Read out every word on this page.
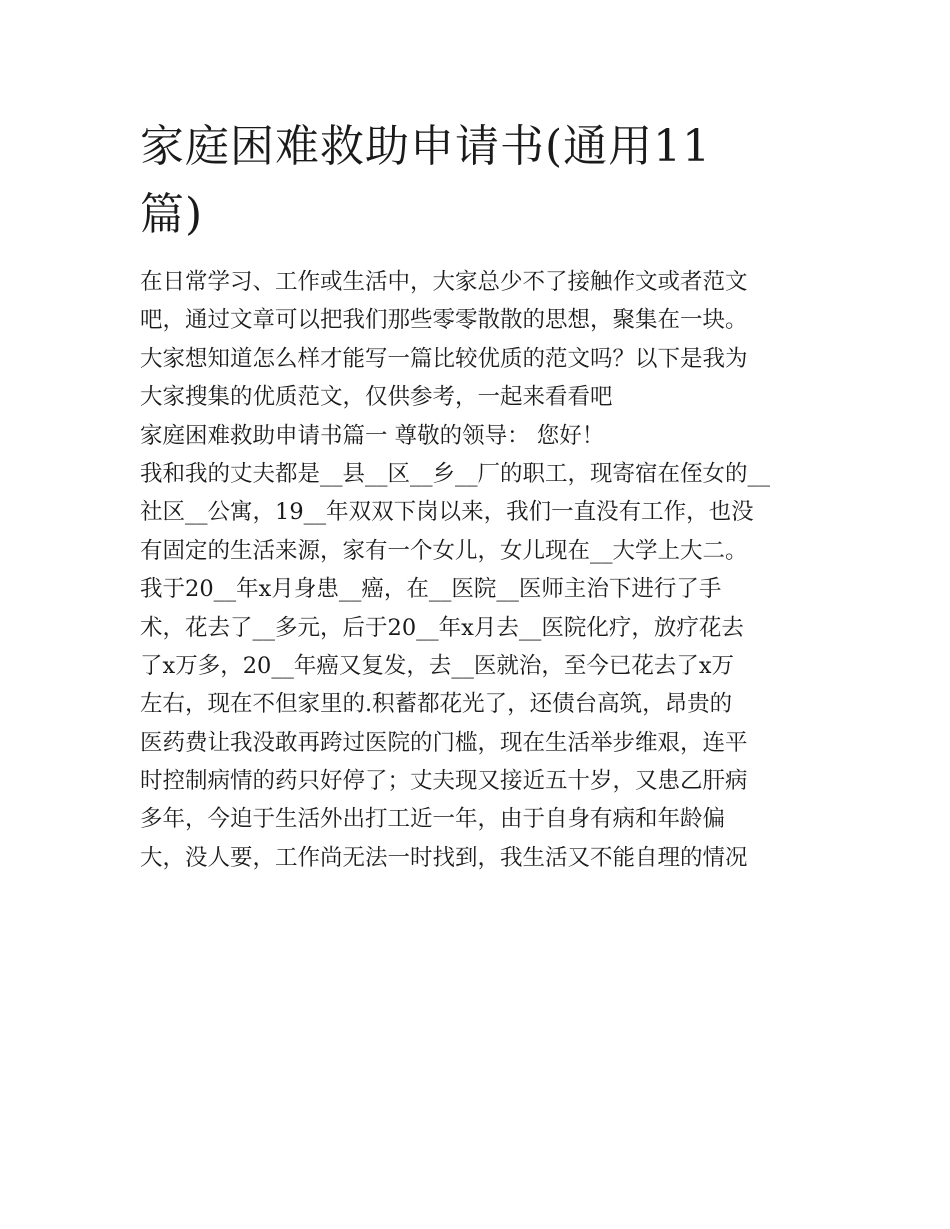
家庭困难救助申请书(通用11
篇)
在日常学习、工作或生活中，大家总少不了接触作文或者范文
吧，通过文章可以把我们那些零零散散的思想，聚集在一块。
大家想知道怎么样才能写一篇比较优质的范文吗？以下是我为
大家搜集的优质范文，仅供参考，一起来看看吧
家庭困难救助申请书篇一 尊敬的领导： 您好！
我和我的丈夫都是__县__区__乡__厂的职工，现寄宿在侄女的__
社区__公寓，19__年双双下岗以来，我们一直没有工作，也没
有固定的生活来源，家有一个女儿，女儿现在__大学上大二。
我于20__年x月身患__癌，在__医院__医师主治下进行了手
术，花去了__多元，后于20__年x月去__医院化疗，放疗花去
了x万多，20__年癌又复发，去__医就治，至今已花去了x万
左右，现在不但家里的.积蓄都花光了，还债台高筑，昂贵的
医药费让我没敢再跨过医院的门槛，现在生活举步维艰，连平
时控制病情的药只好停了；丈夫现又接近五十岁，又患乙肝病
多年，今迫于生活外出打工近一年，由于自身有病和年龄偏
大，没人要，工作尚无法一时找到，我生活又不能自理的情况
